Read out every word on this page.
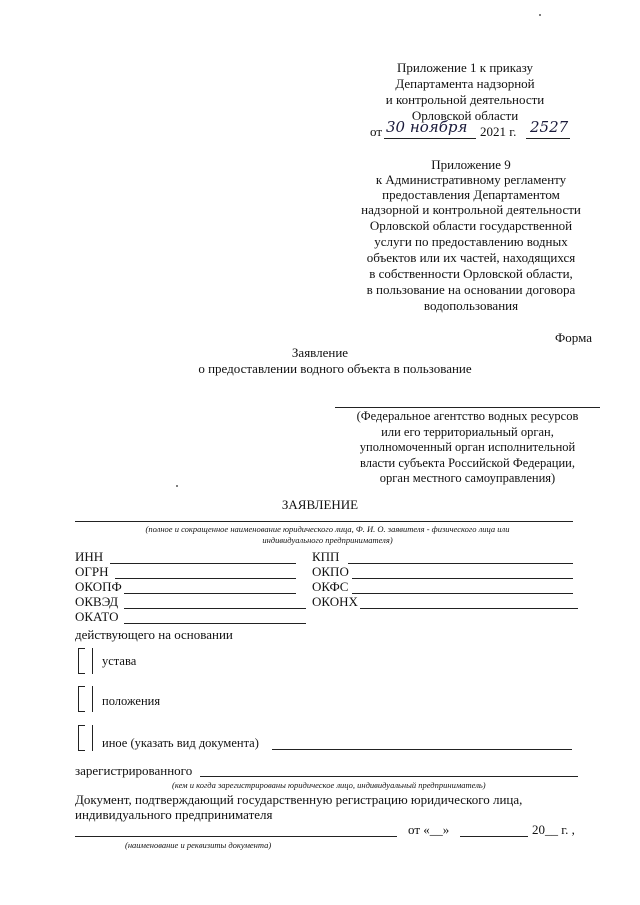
Приложение 1 к приказу
Департамента надзорной
и контрольной деятельности
Орловской области
от 30 ноября 2021 г. 2527
Приложение 9
к Административному регламенту
предоставления Департаментом
надзорной и контрольной деятельности
Орловской области государственной
услуги по предоставлению водных
объектов или их частей, находящихся
в собственности Орловской области,
в пользование на основании договора
водопользования
Форма
Заявление
о предоставлении водного объекта в пользование
(Федеральное агентство водных ресурсов
или его территориальный орган,
уполномоченный орган исполнительной
власти субъекта Российской Федерации,
орган местного самоуправления)
ЗАЯВЛЕНИЕ
(полное и сокращенное наименование юридического лица, Ф. И. О. заявителя - физического лица или
индивидуального предпринимателя)
ИНН
ОГРН
ОКОПФ
ОКВЭД
ОКАТО
КПП
ОКПО
ОКФС
ОКОНХ
действующего на основании
устава
положения
иное (указать вид документа)
зарегистрированного
(кем и когда зарегистрированы юридическое лицо, индивидуальный предприниматель)
Документ, подтверждающий государственную регистрацию юридического лица,
индивидуального предпринимателя
от «__»	20__ г. ,
(наименование и реквизиты документа)
